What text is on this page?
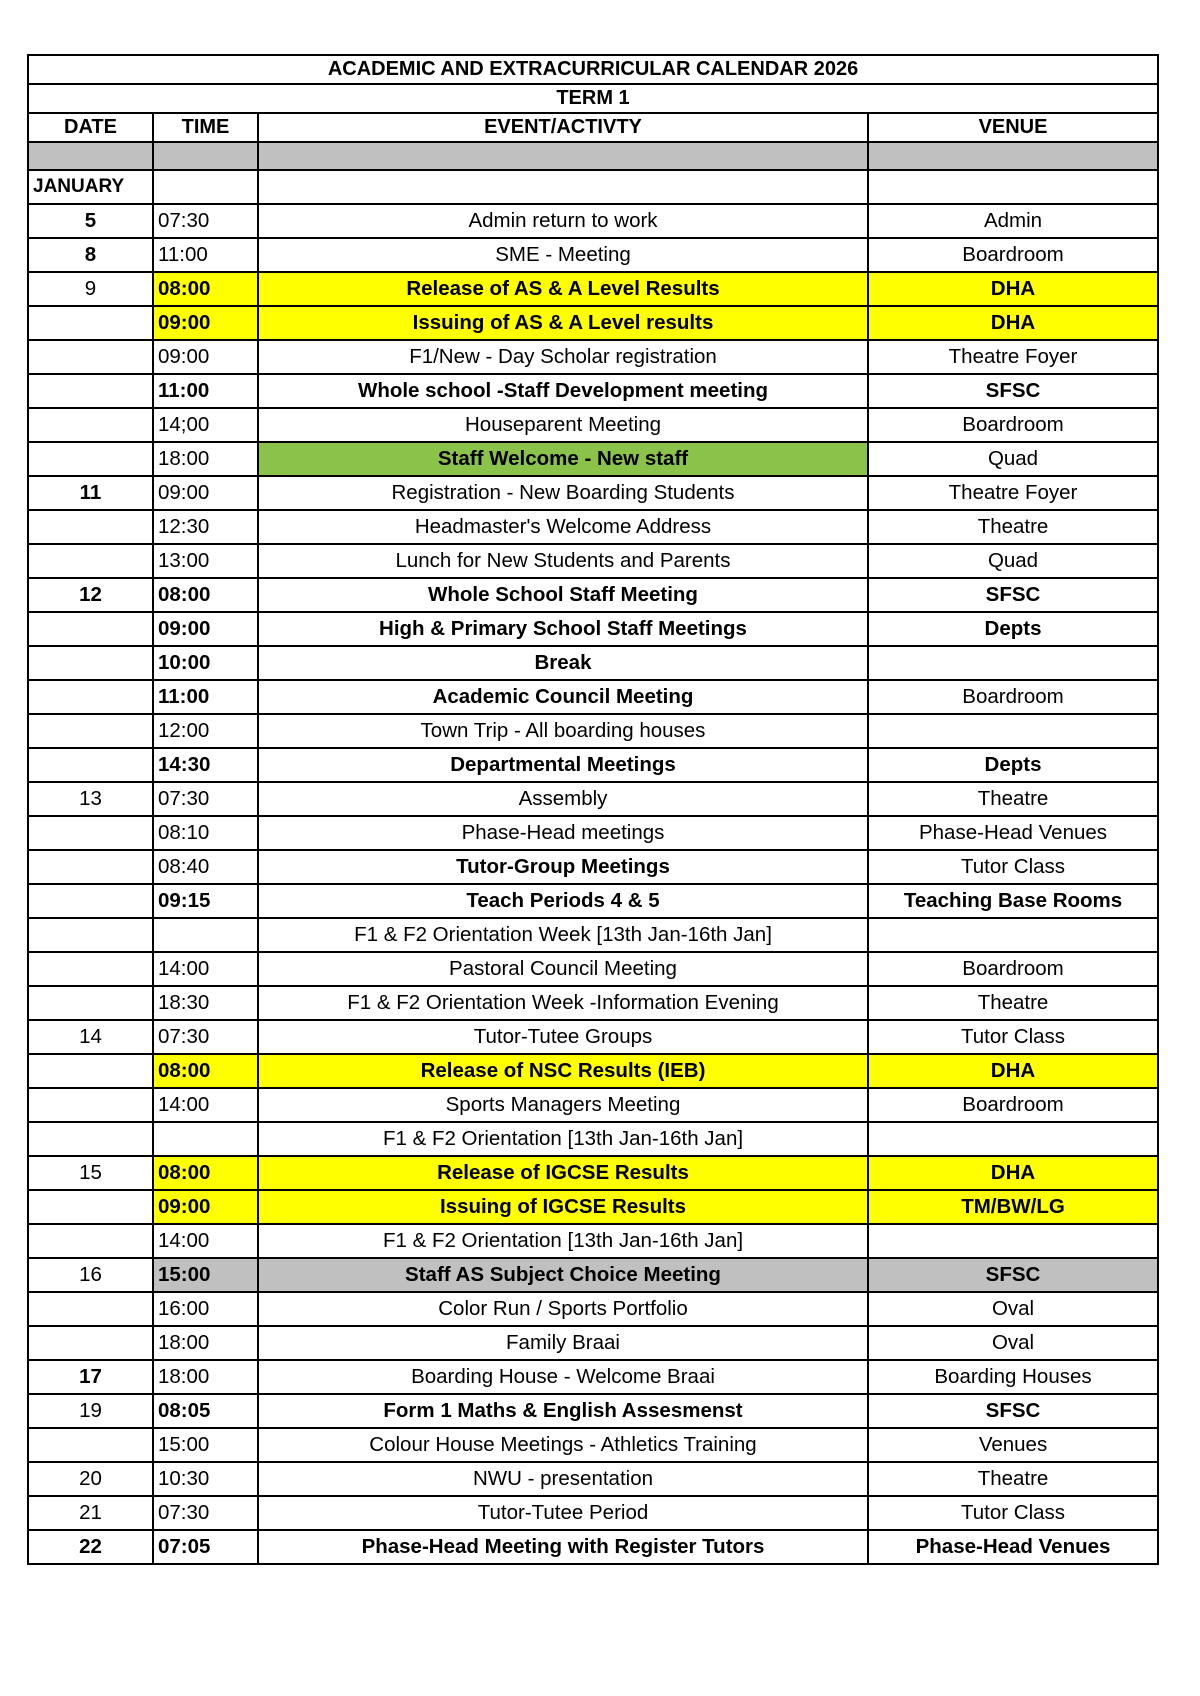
ACADEMIC AND EXTRACURRICULAR CALENDAR 2026			
TERM 1			
DATE	TIME	EVENT/ACTIVTY	VENUE

JANUARY			
5	07:30	Admin return to work	Admin
8	11:00	SME - Meeting	Boardroom
9	08:00	Release of AS & A Level Results	DHA
	09:00	Issuing of AS & A Level results	DHA
	09:00	F1/New - Day Scholar registration	Theatre Foyer
	11:00	Whole school -Staff Development meeting	SFSC
	14;00	Houseparent Meeting	Boardroom
	18:00	Staff Welcome - New staff	Quad
11	09:00	Registration - New Boarding Students	Theatre Foyer
	12:30	Headmaster's Welcome Address	Theatre
	13:00	Lunch for New Students and Parents	Quad
12	08:00	Whole School Staff Meeting	SFSC
	09:00	High & Primary School Staff Meetings	Depts
	10:00	Break	
	11:00	Academic Council Meeting	Boardroom
	12:00	Town Trip - All boarding houses	
	14:30	Departmental Meetings	Depts
13	07:30	Assembly	Theatre
	08:10	Phase-Head meetings	Phase-Head Venues
	08:40	Tutor-Group Meetings	Tutor Class
	09:15	Teach Periods 4 & 5	Teaching Base Rooms
		F1 & F2 Orientation Week [13th Jan-16th Jan]	
	14:00	Pastoral Council Meeting	Boardroom
	18:30	F1 & F2 Orientation Week -Information Evening	Theatre
14	07:30	Tutor-Tutee Groups	Tutor Class
	08:00	Release of NSC Results (IEB)	DHA
	14:00	Sports Managers Meeting	Boardroom
		F1 & F2 Orientation [13th Jan-16th Jan]	
15	08:00	Release of IGCSE Results	DHA
	09:00	Issuing of IGCSE Results	TM/BW/LG
	14:00	F1 & F2 Orientation [13th Jan-16th Jan]	
16	15:00	Staff AS Subject Choice Meeting	SFSC
	16:00	Color Run / Sports Portfolio	Oval
	18:00	Family Braai	Oval
17	18:00	Boarding House - Welcome Braai	Boarding Houses
19	08:05	Form 1 Maths & English Assesmenst	SFSC
	15:00	Colour House Meetings - Athletics Training	Venues
20	10:30	NWU - presentation	Theatre
21	07:30	Tutor-Tutee Period	Tutor Class
22	07:05	Phase-Head Meeting with Register Tutors	Phase-Head Venues
